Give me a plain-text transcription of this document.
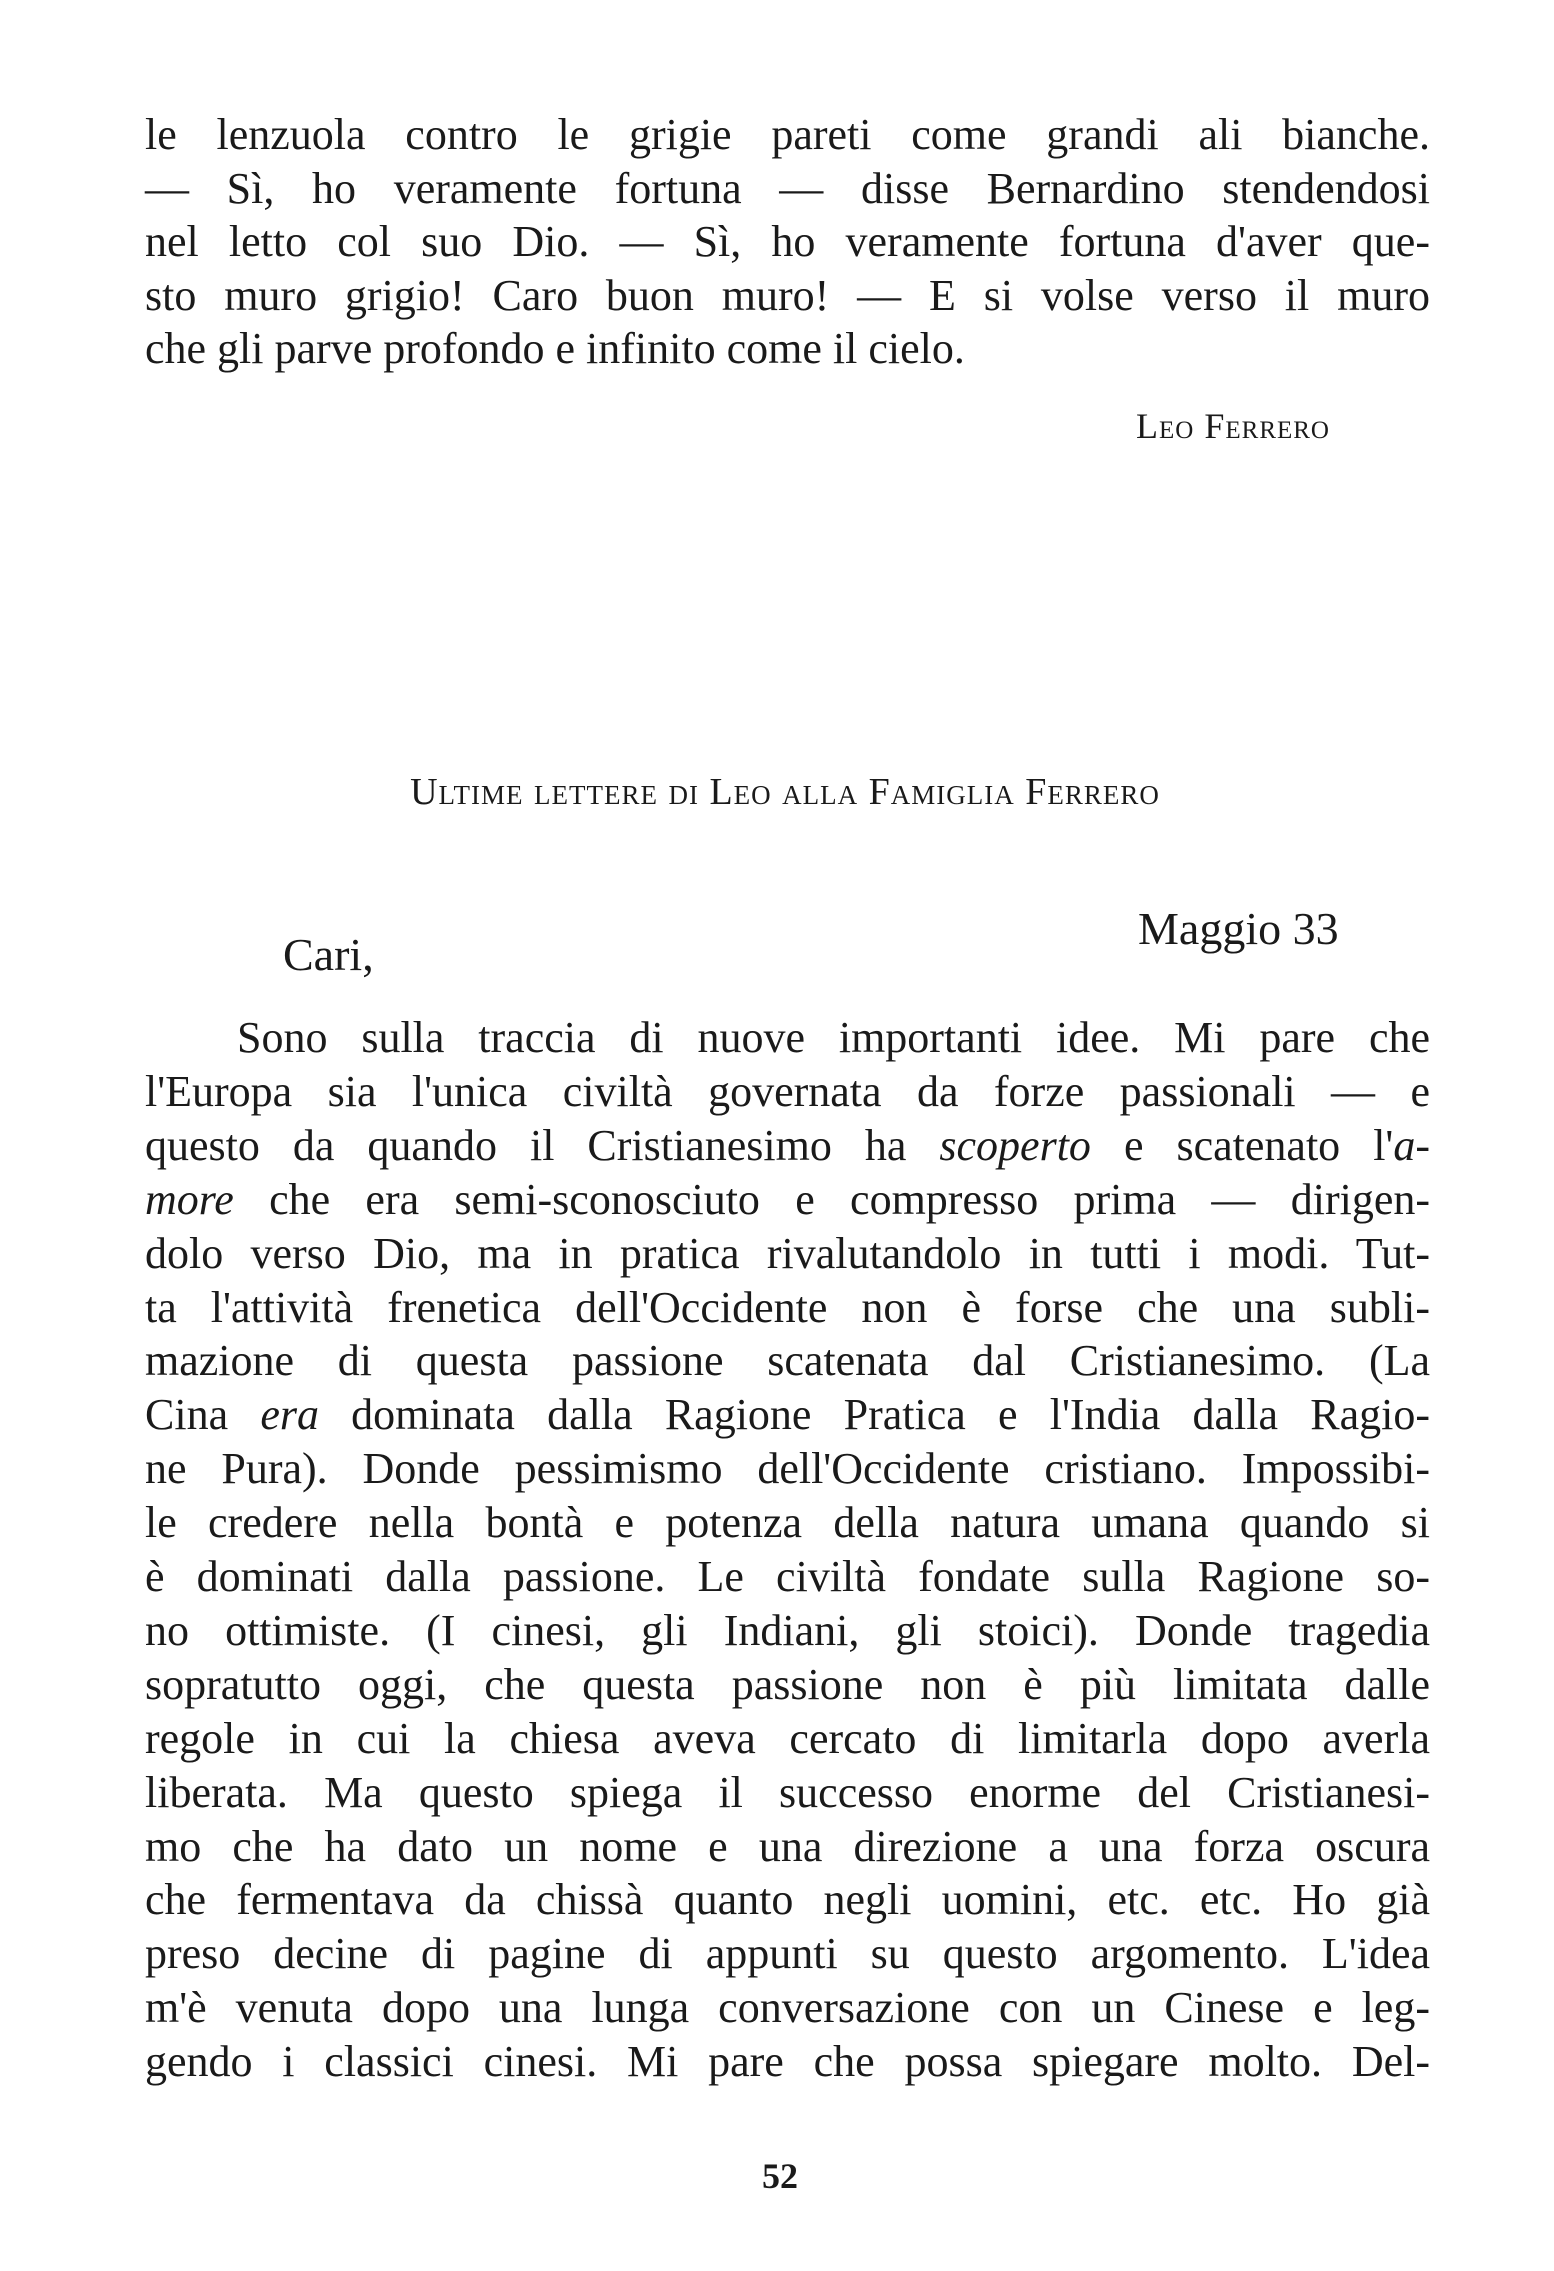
le lenzuola contro le grigie pareti come grandi ali bianche.
— Sì, ho veramente fortuna — disse Bernardino stendendosi
nel letto col suo Dio. — Sì, ho veramente fortuna d'aver que-
sto muro grigio! Caro buon muro! — E si volse verso il muro
che gli parve profondo e infinito come il cielo.
Leo Ferrero
Ultime lettere di Leo alla Famiglia Ferrero
Cari,
Maggio 33
Sono sulla traccia di nuove importanti idee. Mi pare che
l'Europa sia l'unica civiltà governata da forze passionali — e
questo da quando il Cristianesimo ha scoperto e scatenato l'a-
more che era semi-sconosciuto e compresso prima — dirigen-
dolo verso Dio, ma in pratica rivalutandolo in tutti i modi. Tut-
ta l'attività frenetica dell'Occidente non è forse che una subli-
mazione di questa passione scatenata dal Cristianesimo. (La
Cina era dominata dalla Ragione Pratica e l'India dalla Ragio-
ne Pura). Donde pessimismo dell'Occidente cristiano. Impossibi-
le credere nella bontà e potenza della natura umana quando si
è dominati dalla passione. Le civiltà fondate sulla Ragione so-
no ottimiste. (I cinesi, gli Indiani, gli stoici). Donde tragedia
sopratutto oggi, che questa passione non è più limitata dalle
regole in cui la chiesa aveva cercato di limitarla dopo averla
liberata. Ma questo spiega il successo enorme del Cristianesi-
mo che ha dato un nome e una direzione a una forza oscura
che fermentava da chissà quanto negli uomini, etc. etc. Ho già
preso decine di pagine di appunti su questo argomento. L'idea
m'è venuta dopo una lunga conversazione con un Cinese e leg-
gendo i classici cinesi. Mi pare che possa spiegare molto. Del-
52
